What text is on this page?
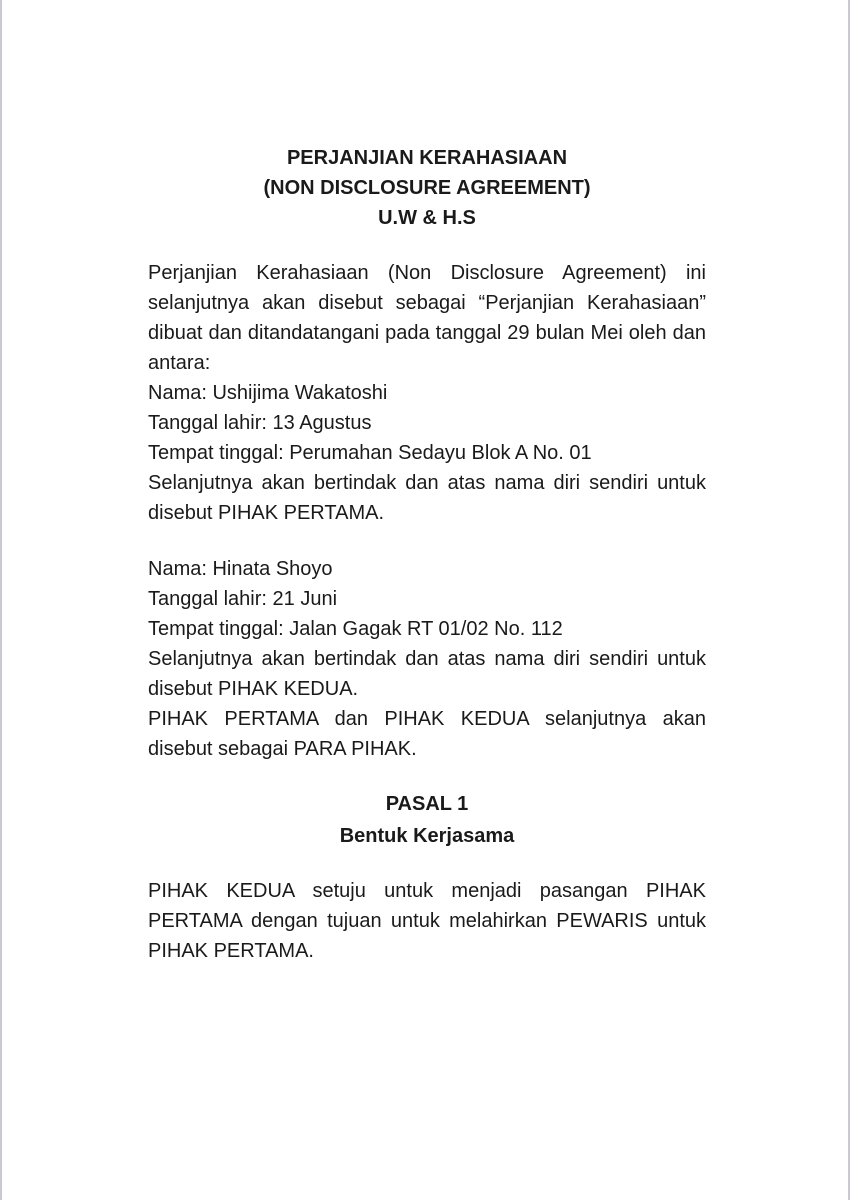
PERJANJIAN KERAHASIAAN
(NON DISCLOSURE AGREEMENT)
U.W & H.S
Perjanjian Kerahasiaan (Non Disclosure Agreement) ini selanjutnya akan disebut sebagai “Perjanjian Kerahasiaan” dibuat dan ditandatangani pada tanggal 29 bulan Mei oleh dan antara:
Nama: Ushijima Wakatoshi
Tanggal lahir: 13 Agustus
Tempat tinggal: Perumahan Sedayu Blok A No. 01
Selanjutnya akan bertindak dan atas nama diri sendiri untuk disebut PIHAK PERTAMA.
Nama: Hinata Shoyo
Tanggal lahir: 21 Juni
Tempat tinggal: Jalan Gagak RT 01/02 No. 112
Selanjutnya akan bertindak dan atas nama diri sendiri untuk disebut PIHAK KEDUA.
PIHAK PERTAMA dan PIHAK KEDUA selanjutnya akan disebut sebagai PARA PIHAK.
PASAL 1
Bentuk Kerjasama
PIHAK KEDUA setuju untuk menjadi pasangan PIHAK PERTAMA dengan tujuan untuk melahirkan PEWARIS untuk PIHAK PERTAMA.
